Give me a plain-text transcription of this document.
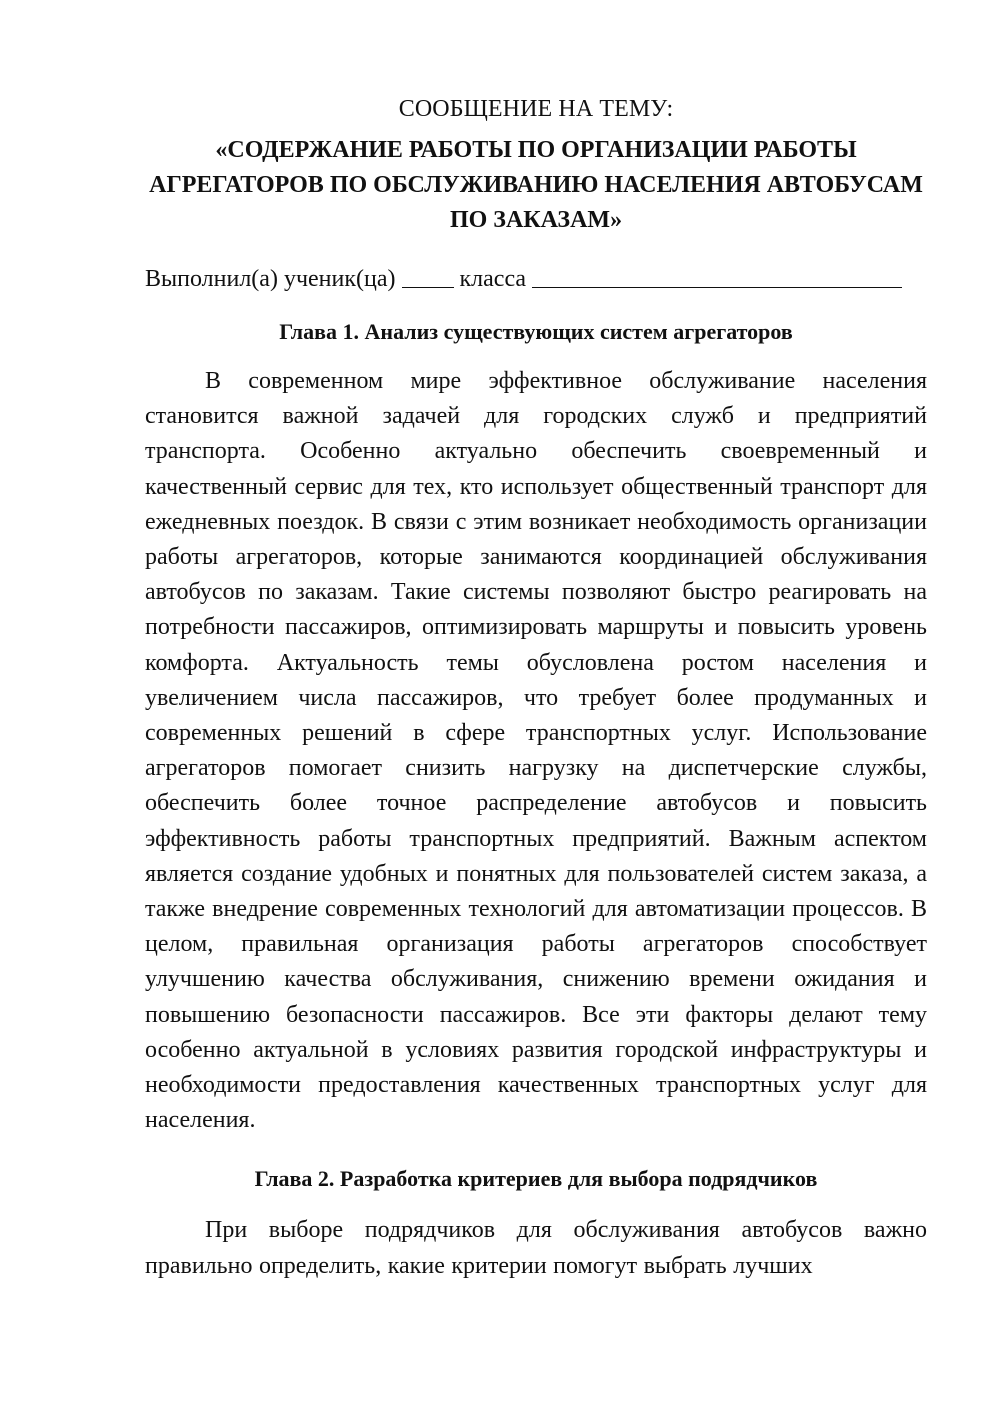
СООБЩЕНИЕ НА ТЕМУ:

«СОДЕРЖАНИЕ РАБОТЫ ПО ОРГАНИЗАЦИИ РАБОТЫ АГРЕГАТОРОВ ПО ОБСЛУЖИВАНИЮ НАСЕЛЕНИЯ АВТОБУСАМ ПО ЗАКАЗАМ»

Выполнил(а) ученик(ца)	класса

Глава 1. Анализ существующих систем агрегаторов

В современном мире эффективное обслуживание населения становится важной задачей для городских служб и предприятий транспорта. Особенно актуально обеспечить своевременный и качественный сервис для тех, кто использует общественный транспорт для ежедневных поездок. В связи с этим возникает необходимость организации работы агрегаторов, которые занимаются координацией обслуживания автобусов по заказам. Такие системы позволяют быстро реагировать на потребности пассажиров, оптимизировать маршруты и повысить уровень комфорта. Актуальность темы обусловлена ростом населения и увеличением числа пассажиров, что требует более продуманных и современных решений в сфере транспортных услуг. Использование агрегаторов помогает снизить нагрузку на диспетчерские службы, обеспечить более точное распределение автобусов и повысить эффективность работы транспортных предприятий. Важным аспектом является создание удобных и понятных для пользователей систем заказа, а также внедрение современных технологий для автоматизации процессов. В целом, правильная организация работы агрегаторов способствует улучшению качества обслуживания, снижению времени ожидания и повышению безопасности пассажиров. Все эти факторы делают тему особенно актуальной в условиях развития городской инфраструктуры и необходимости предоставления качественных транспортных услуг для населения.

Глава 2. Разработка критериев для выбора подрядчиков

При выборе подрядчиков для обслуживания автобусов важно правильно определить, какие критерии помогут выбрать лучших
